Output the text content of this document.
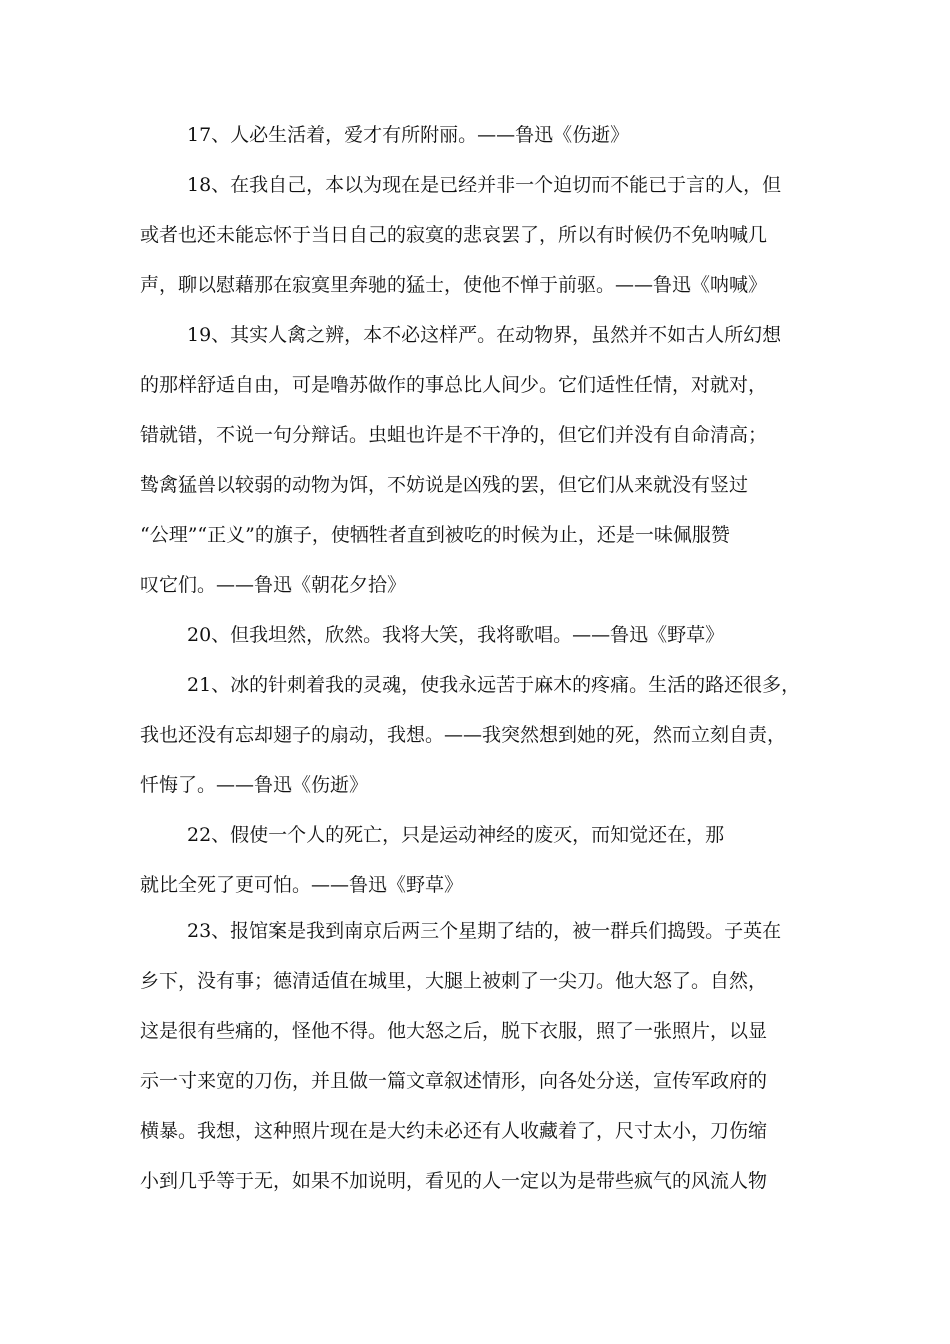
17、人必生活着，爱才有所附丽。——鲁迅《伤逝》
18、在我自己，本以为现在是已经并非一个迫切而不能已于言的人，但
或者也还未能忘怀于当日自己的寂寞的悲哀罢了，所以有时候仍不免呐喊几
声，聊以慰藉那在寂寞里奔驰的猛士，使他不惮于前驱。——鲁迅《呐喊》
19、其实人禽之辨，本不必这样严。在动物界，虽然并不如古人所幻想
的那样舒适自由，可是噜苏做作的事总比人间少。它们适性任情，对就对，
错就错，不说一句分辩话。虫蛆也许是不干净的，但它们并没有自命清高；
鸷禽猛兽以较弱的动物为饵，不妨说是凶残的罢，但它们从来就没有竖过
“公理”“正义”的旗子，使牺牲者直到被吃的时候为止，还是一味佩服赞
叹它们。——鲁迅《朝花夕拾》
20、但我坦然，欣然。我将大笑，我将歌唱。——鲁迅《野草》
21、冰的针刺着我的灵魂，使我永远苦于麻木的疼痛。生活的路还很多，
我也还没有忘却翅子的扇动，我想。——我突然想到她的死，然而立刻自责，
忏悔了。——鲁迅《伤逝》
22、假使一个人的死亡，只是运动神经的废灭，而知觉还在，那
就比全死了更可怕。——鲁迅《野草》
23、报馆案是我到南京后两三个星期了结的，被一群兵们捣毁。子英在
乡下，没有事；德清适值在城里，大腿上被刺了一尖刀。他大怒了。自然，
这是很有些痛的，怪他不得。他大怒之后，脱下衣服，照了一张照片，以显
示一寸来宽的刀伤，并且做一篇文章叙述情形，向各处分送，宣传军政府的
横暴。我想，这种照片现在是大约未必还有人收藏着了，尺寸太小，刀伤缩
小到几乎等于无，如果不加说明，看见的人一定以为是带些疯气的风流人物
